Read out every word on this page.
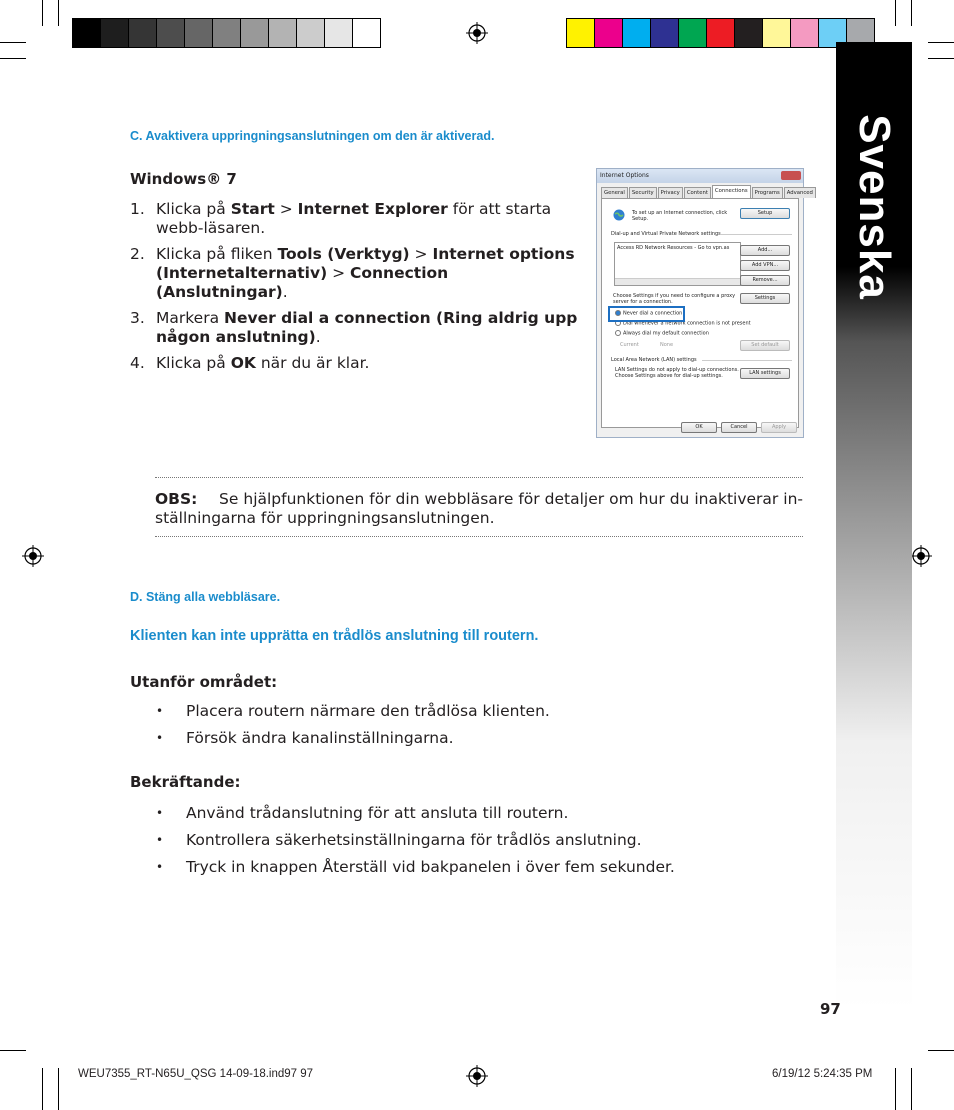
Svenska
C. Avaktivera uppringningsanslutningen om den är aktiverad.
Windows® 7
1. Klicka på Start > Internet Explorer för att starta webb-läsaren.
2. Klicka på fliken Tools (Verktyg) > Internet options (Internetalternativ) > Connection (Anslutningar).
3. Markera Never dial a connection (Ring aldrig upp någon anslutning).
4. Klicka på OK när du är klar.
Internet Options
General	Security	Privacy	Content	Connections	Programs	Advanced
To set up an Internet connection, click Setup.
Setup
Dial-up and Virtual Private Network settings
Access RD Network Resources - Go to vpn.as	Add...
Add VPN...
Remove...
Choose Settings if you need to configure a proxy
server for a connection.
Settings
Never dial a connection
Dial whenever a network connection is not present
Always dial my default connection
Current	None	Set default
Local Area Network (LAN) settings
LAN Settings do not apply to dial-up connections.
Choose Settings above for dial-up settings.	LAN settings
OK	Cancel	Apply
OBS: Se hjälpfunktionen för din webbläsare för detaljer om hur du inaktiverar in-ställningarna för uppringningsanslutningen.
D. Stäng alla webbläsare.
Klienten kan inte upprätta en trådlös anslutning till routern.
Utanför området:
• Placera routern närmare den trådlösa klienten.
• Försök ändra kanalinställningarna.
Bekräftande:
• Använd trådanslutning för att ansluta till routern.
• Kontrollera säkerhetsinställningarna för trådlös anslutning.
• Tryck in knappen Återställ vid bakpanelen i över fem sekunder.
97
WEU7355_RT-N65U_QSG 14-09-18.ind97 97	6/19/12 5:24:35 PM
